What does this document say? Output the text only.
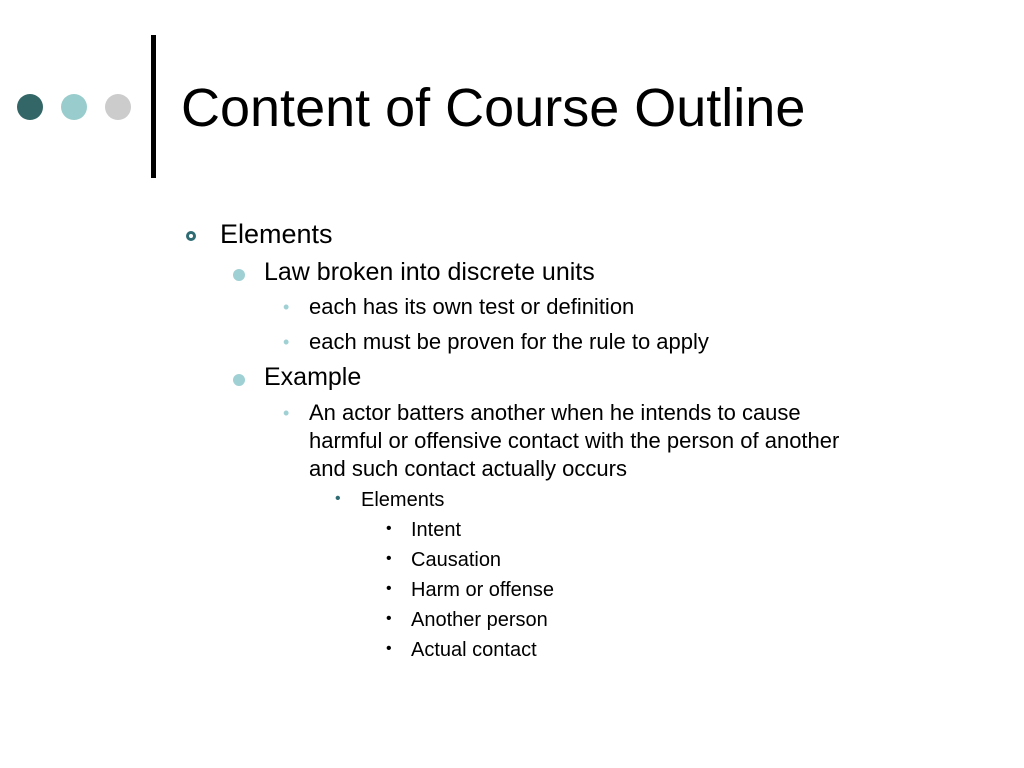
Content of Course Outline
Elements
Law broken into discrete units
• each has its own test or definition
• each must be proven for the rule to apply
Example
• An actor batters another when he intends to cause
harmful or offensive contact with the person of another
and such contact actually occurs
• Elements
• Intent
• Causation
• Harm or offense
• Another person
• Actual contact
